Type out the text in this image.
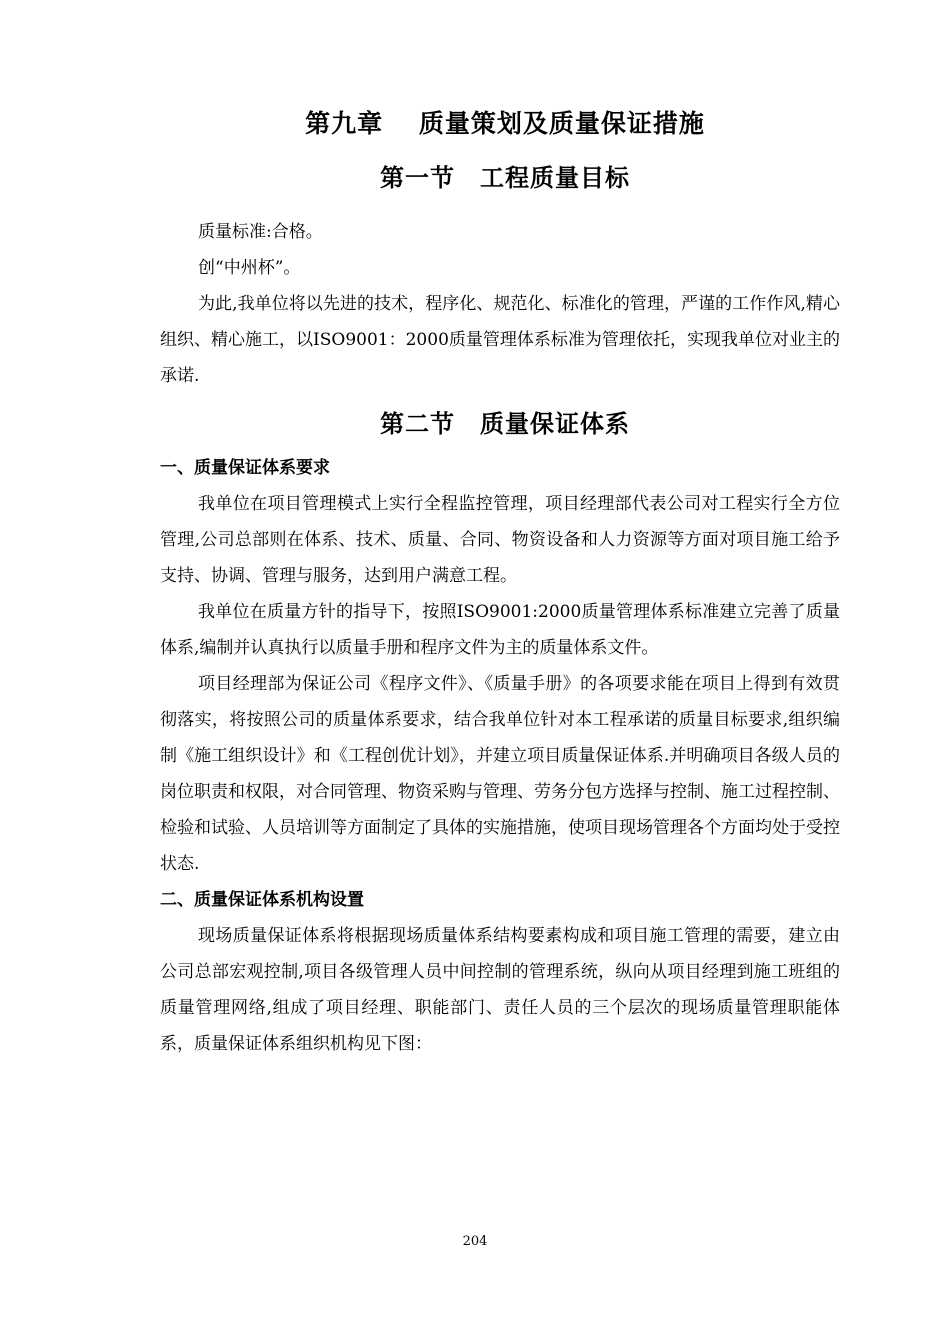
第九章　 质量策划及质量保证措施
第一节　工程质量目标

质量标准:合格。

创“中州杯”。

为此,我单位将以先进的技术，程序化、规范化、标准化的管理，严谨的工作作风,精心组织、精心施工，以ISO9001：2000质量管理体系标准为管理依托，实现我单位对业主的承诺.

第二节　质量保证体系

一、质量保证体系要求

我单位在项目管理模式上实行全程监控管理，项目经理部代表公司对工程实行全方位管理,公司总部则在体系、技术、质量、合同、物资设备和人力资源等方面对项目施工给予支持、协调、管理与服务，达到用户满意工程。

我单位在质量方针的指导下，按照ISO9001:2000质量管理体系标准建立完善了质量体系,编制并认真执行以质量手册和程序文件为主的质量体系文件。

项目经理部为保证公司《程序文件》、《质量手册》的各项要求能在项目上得到有效贯彻落实，将按照公司的质量体系要求，结合我单位针对本工程承诺的质量目标要求,组织编制《施工组织设计》和《工程创优计划》，并建立项目质量保证体系.并明确项目各级人员的岗位职责和权限，对合同管理、物资采购与管理、劳务分包方选择与控制、施工过程控制、检验和试验、人员培训等方面制定了具体的实施措施，使项目现场管理各个方面均处于受控状态.

二、质量保证体系机构设置

现场质量保证体系将根据现场质量体系结构要素构成和项目施工管理的需要，建立由公司总部宏观控制,项目各级管理人员中间控制的管理系统，纵向从项目经理到施工班组的质量管理网络,组成了项目经理、职能部门、责任人员的三个层次的现场质量管理职能体系，质量保证体系组织机构见下图：

204
